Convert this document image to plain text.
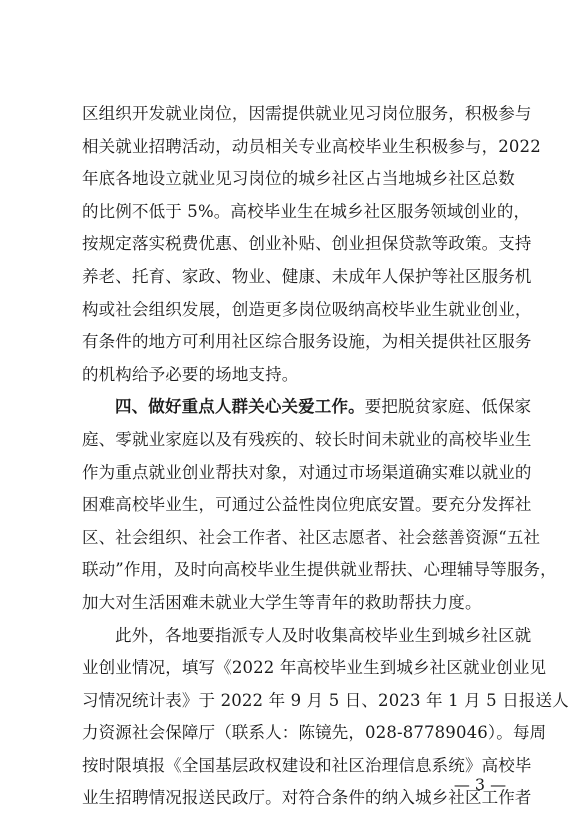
区组织开发就业岗位，因需提供就业见习岗位服务，积极参与
相关就业招聘活动，动员相关专业高校毕业生积极参与，2022
年底各地设立就业见习岗位的城乡社区占当地城乡社区总数
的比例不低于 5%。高校毕业生在城乡社区服务领域创业的，
按规定落实税费优惠、创业补贴、创业担保贷款等政策。支持
养老、托育、家政、物业、健康、未成年人保护等社区服务机
构或社会组织发展，创造更多岗位吸纳高校毕业生就业创业，
有条件的地方可利用社区综合服务设施，为相关提供社区服务
的机构给予必要的场地支持。
四、做好重点人群关心关爱工作。要把脱贫家庭、低保家
庭、零就业家庭以及有残疾的、较长时间未就业的高校毕业生
作为重点就业创业帮扶对象，对通过市场渠道确实难以就业的
困难高校毕业生，可通过公益性岗位兜底安置。要充分发挥社
区、社会组织、社会工作者、社区志愿者、社会慈善资源“五社
联动”作用，及时向高校毕业生提供就业帮扶、心理辅导等服务，
加大对生活困难未就业大学生等青年的救助帮扶力度。
此外，各地要指派专人及时收集高校毕业生到城乡社区就
业创业情况，填写《2022 年高校毕业生到城乡社区就业创业见
习情况统计表》于 2022 年 9 月 5 日、2023 年 1 月 5 日报送人
力资源社会保障厅（联系人：陈镜先，028-87789046）。每周
按时限填报《全国基层政权建设和社区治理信息系统》高校毕
业生招聘情况报送民政厅。对符合条件的纳入城乡社区工作者
— 3 —
